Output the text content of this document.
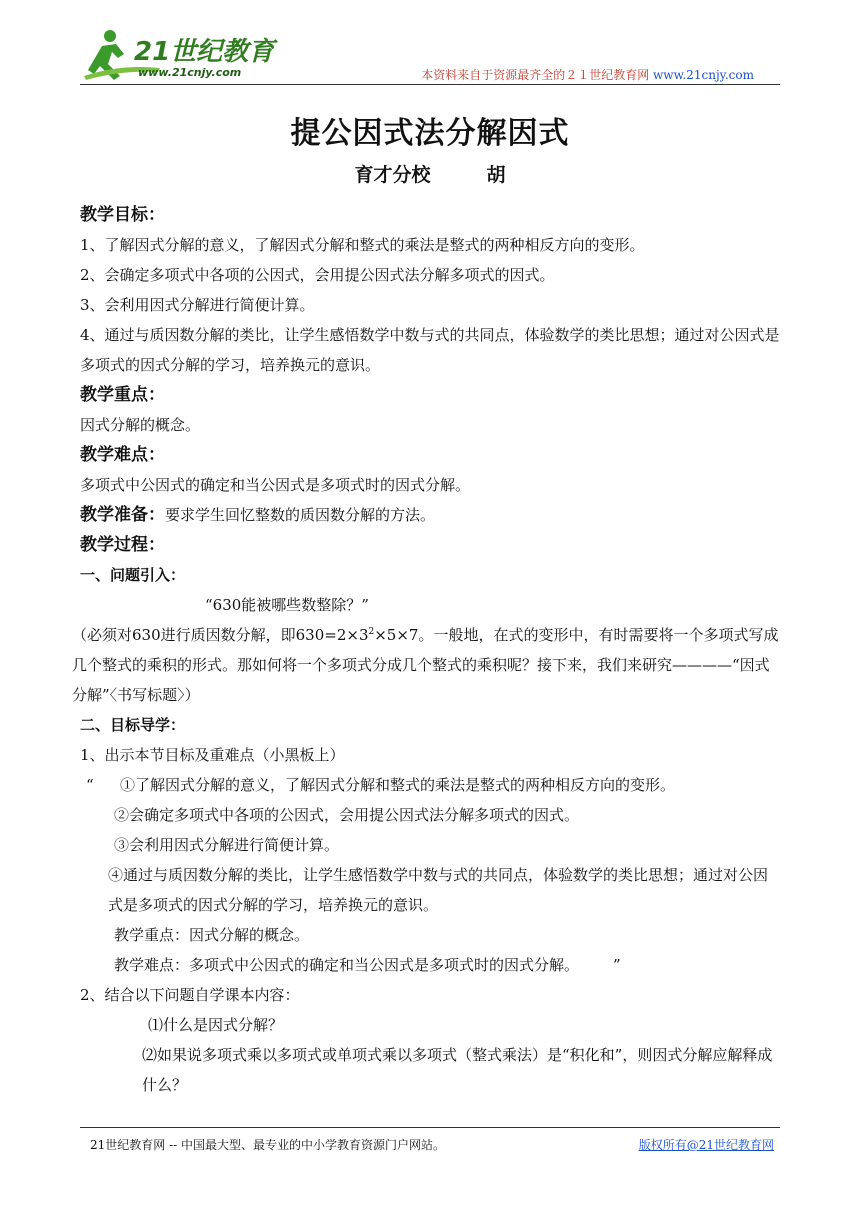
21世纪教育
www.21cnjy.com	本资料来自于资源最齐全的２１世纪教育网 www.21cnjy.com
提公因式法分解因式
育才分校	胡
教学目标：
1、了解因式分解的意义，了解因式分解和整式的乘法是整式的两种相反方向的变形。
2、会确定多项式中各项的公因式，会用提公因式法分解多项式的因式。
3、会利用因式分解进行简便计算。
4、通过与质因数分解的类比，让学生感悟数学中数与式的共同点，体验数学的类比思想；通过对公因式是多项式的因式分解的学习，培养换元的意识。
教学重点：
因式分解的概念。
教学难点：
多项式中公因式的确定和当公因式是多项式时的因式分解。
教学准备：要求学生回忆整数的质因数分解的方法。
教学过程：
一、问题引入：
“630能被哪些数整除？”
（必须对630进行质因数分解，即$630=2\times 3^2\times 5\times 7$。一般地，在式的变形中，有时需要将一个多项式写成几个整式的乘积的形式。那如何将一个多项式分成几个整式的乘积呢？接下来，我们来研究————“因式分解”〈书写标题〉）
二、目标导学：
1、出示本节目标及重难点（小黑板上）
“ ①了解因式分解的意义，了解因式分解和整式的乘法是整式的两种相反方向的变形。
②会确定多项式中各项的公因式，会用提公因式法分解多项式的因式。
③会利用因式分解进行简便计算。
④通过与质因数分解的类比，让学生感悟数学中数与式的共同点，体验数学的类比思想；通过对公因式是多项式的因式分解的学习，培养换元的意识。
教学重点：因式分解的概念。
教学难点：多项式中公因式的确定和当公因式是多项式时的因式分解。 ”
2、结合以下问题自学课本内容：
⑴什么是因式分解？
⑵如果说多项式乘以多项式或单项式乘以多项式（整式乘法）是“积化和”，则因式分解应解释成什么？
21世纪教育网 -- 中国最大型、最专业的中小学教育资源门户网站。	版权所有@21世纪教育网
